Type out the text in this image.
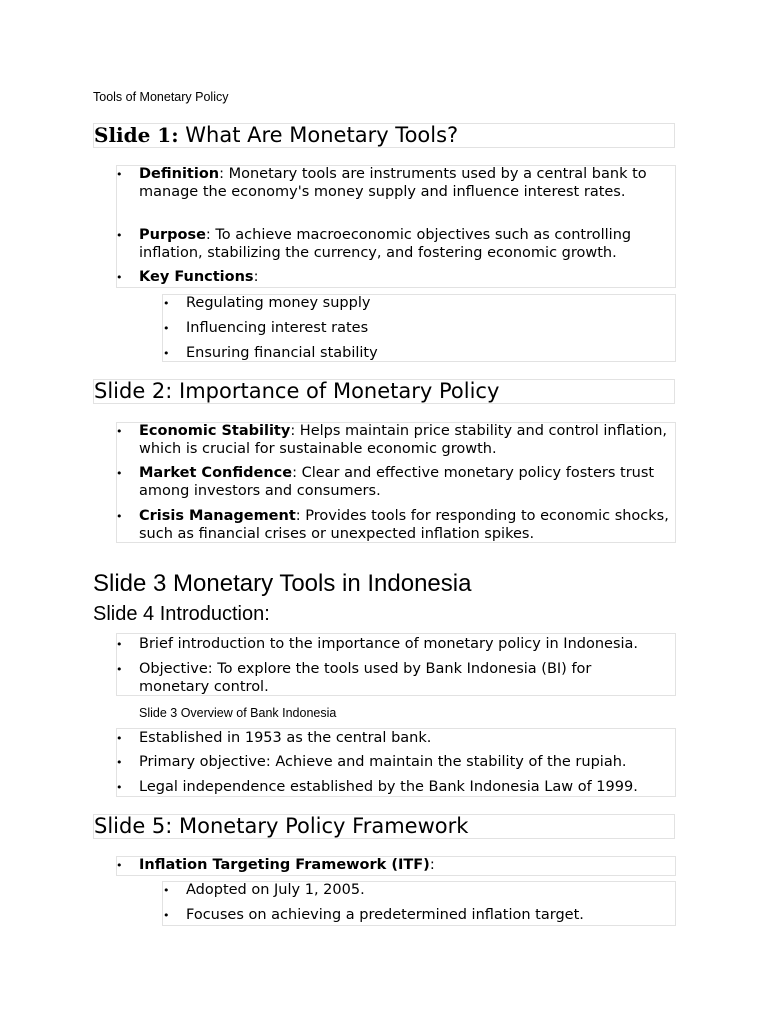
Tools of Monetary Policy
Slide 1: What Are Monetary Tools?
• Definition: Monetary tools are instruments used by a central bank to manage the economy's money supply and influence interest rates.
• Purpose: To achieve macroeconomic objectives such as controlling inflation, stabilizing the currency, and fostering economic growth.
• Key Functions:
• Regulating money supply
• Influencing interest rates
• Ensuring financial stability
Slide 2: Importance of Monetary Policy
• Economic Stability: Helps maintain price stability and control inflation, which is crucial for sustainable economic growth.
• Market Confidence: Clear and effective monetary policy fosters trust among investors and consumers.
• Crisis Management: Provides tools for responding to economic shocks, such as financial crises or unexpected inflation spikes.
Slide 3 Monetary Tools in Indonesia
Slide 4 Introduction:
• Brief introduction to the importance of monetary policy in Indonesia.
• Objective: To explore the tools used by Bank Indonesia (BI) for monetary control.
Slide 3 Overview of Bank Indonesia
• Established in 1953 as the central bank.
• Primary objective: Achieve and maintain the stability of the rupiah.
• Legal independence established by the Bank Indonesia Law of 1999.
Slide 5: Monetary Policy Framework
• Inflation Targeting Framework (ITF):
• Adopted on July 1, 2005.
• Focuses on achieving a predetermined inflation target.
